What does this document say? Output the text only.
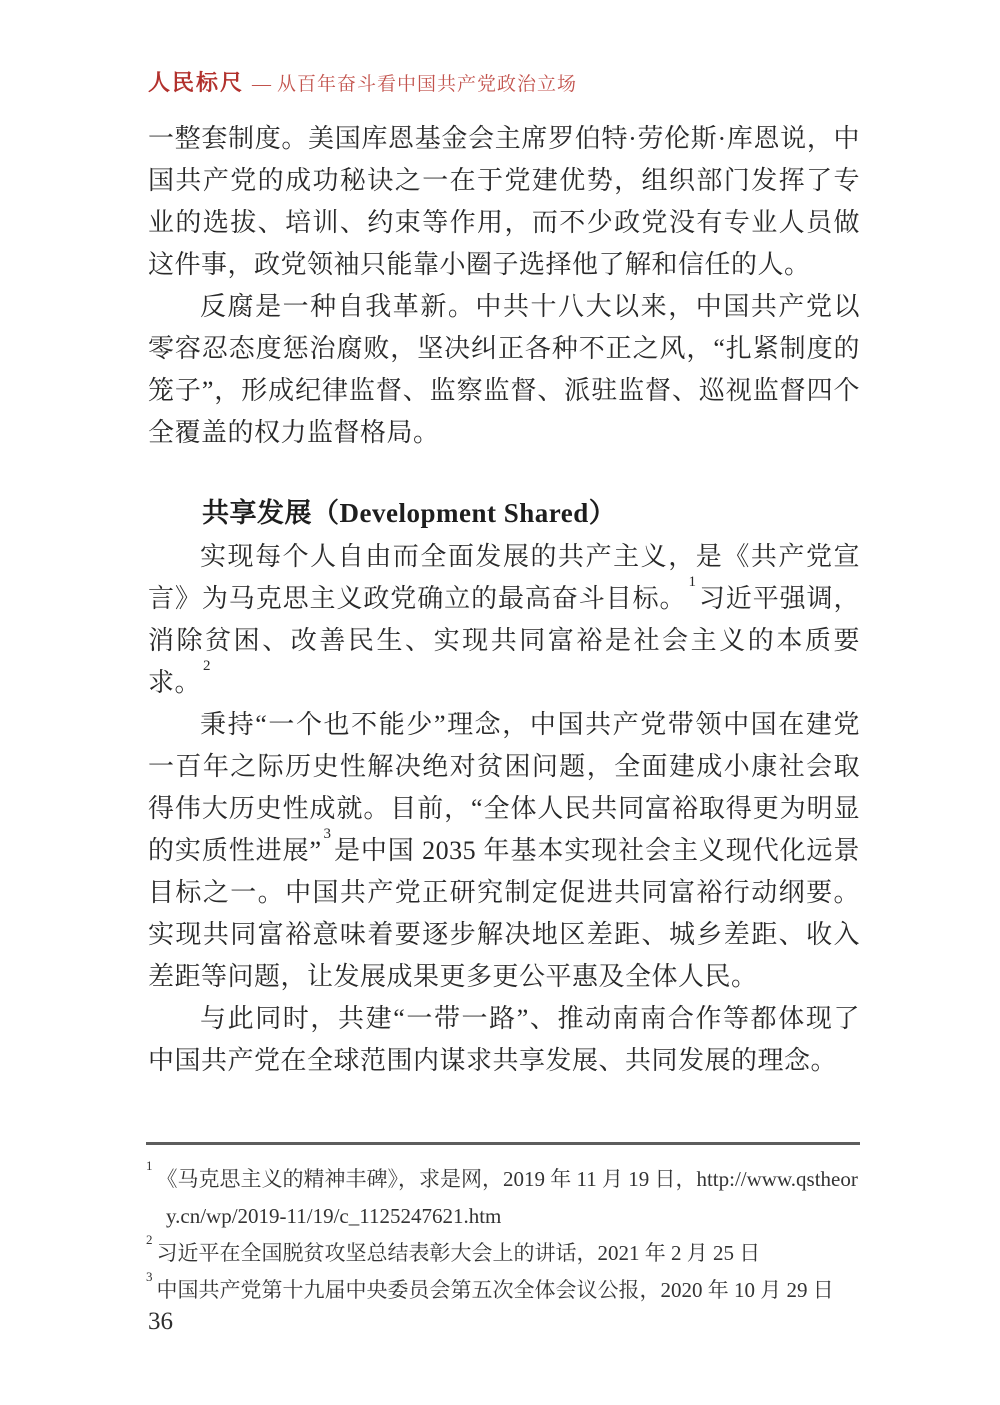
人民标尺 — 从百年奋斗看中国共产党政治立场

一整套制度。美国库恩基金会主席罗伯特·劳伦斯·库恩说，中国共产党的成功秘诀之一在于党建优势，组织部门发挥了专业的选拔、培训、约束等作用，而不少政党没有专业人员做这件事，政党领袖只能靠小圈子选择他了解和信任的人。

反腐是一种自我革新。中共十八大以来，中国共产党以零容忍态度惩治腐败，坚决纠正各种不正之风，“扎紧制度的笼子”，形成纪律监督、监察监督、派驻监督、巡视监督四个全覆盖的权力监督格局。

共享发展（Development Shared）

实现每个人自由而全面发展的共产主义，是《共产党宣言》为马克思主义政党确立的最高奋斗目标。$^1$习近平强调，消除贫困、改善民生、实现共同富裕是社会主义的本质要求。$^2$

秉持“一个也不能少”理念，中国共产党带领中国在建党一百年之际历史性解决绝对贫困问题，全面建成小康社会取得伟大历史性成就。目前，“全体人民共同富裕取得更为明显的实质性进展”$^3$是中国 2035 年基本实现社会主义现代化远景目标之一。中国共产党正研究制定促进共同富裕行动纲要。实现共同富裕意味着要逐步解决地区差距、城乡差距、收入差距等问题，让发展成果更多更公平惠及全体人民。

与此同时，共建“一带一路”、推动南南合作等都体现了中国共产党在全球范围内谋求共享发展、共同发展的理念。

$^1$《马克思主义的精神丰碑》，求是网，2019 年 11 月 19 日，http://www.qstheory.cn/wp/2019-11/19/c_1125247621.htm

$^2$习近平在全国脱贫攻坚总结表彰大会上的讲话，2021 年 2 月 25 日

$^3$中国共产党第十九届中央委员会第五次全体会议公报，2020 年 10 月 29 日

36
